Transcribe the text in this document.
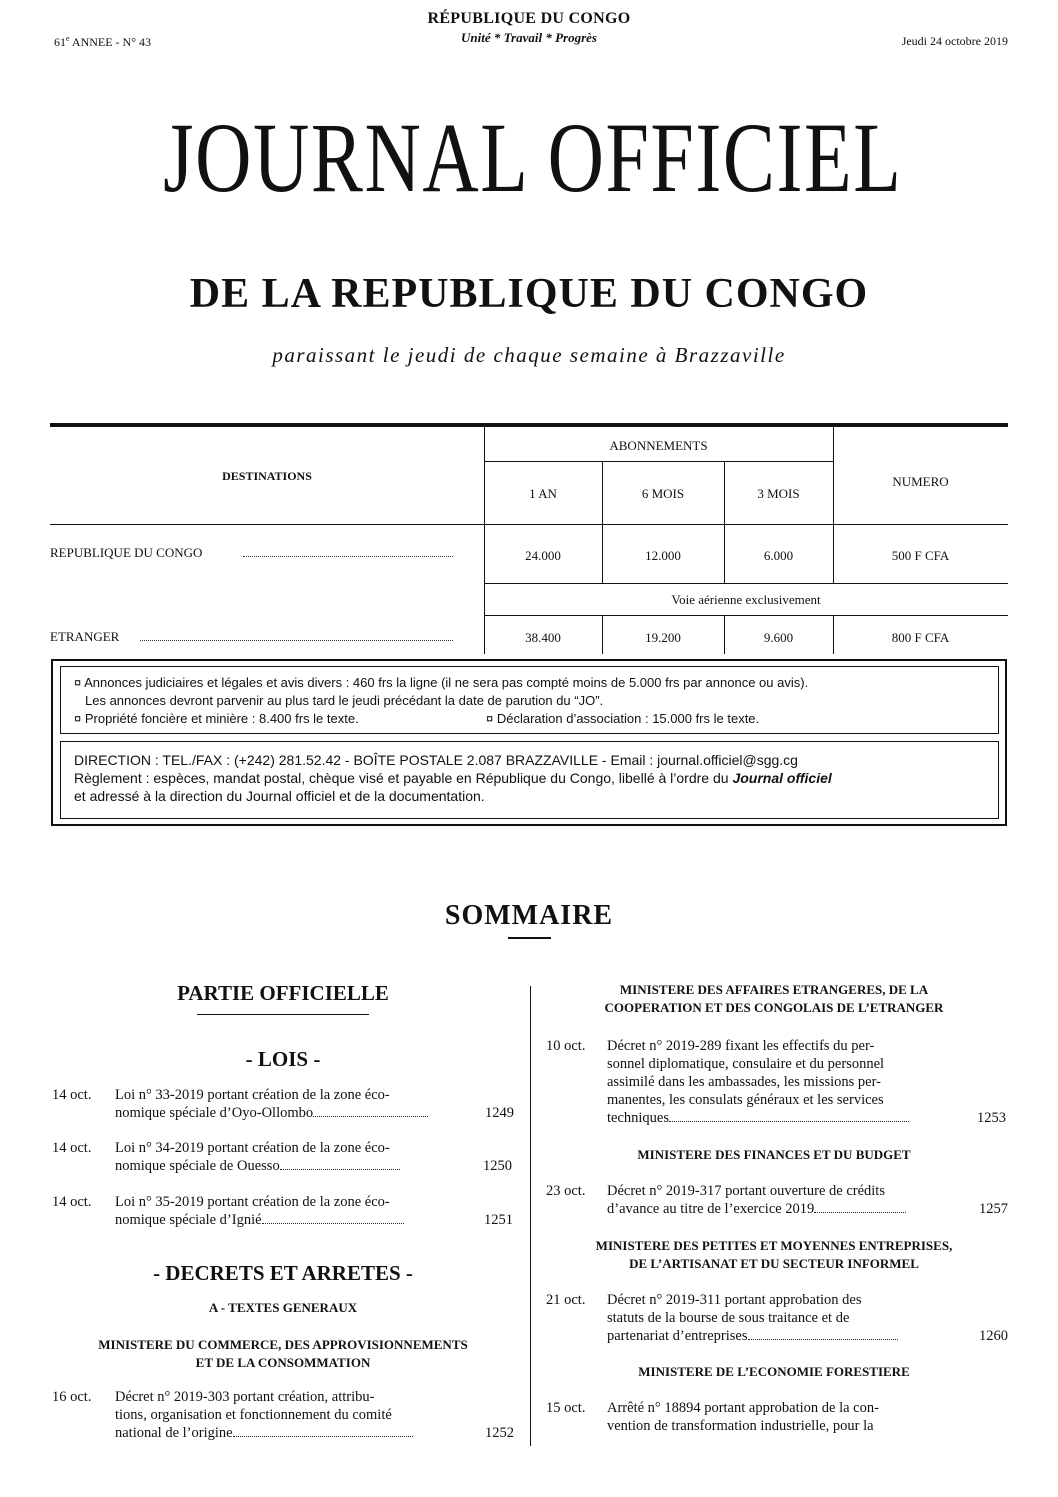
61e ANNEE - N° 43
RÉPUBLIQUE DU CONGO
Unité * Travail * Progrès	Jeudi 24 octobre 2019
JOURNAL OFFICIEL
DE LA REPUBLIQUE DU CONGO
paraissant le jeudi de chaque semaine à Brazzaville
DESTINATIONS
ABONNEMENTS
NUMERO
1 AN	6 MOIS	3 MOIS
REPUBLIQUE DU CONGO	24.000	12.000	6.000	500 F CFA
Voie aérienne exclusivement
ETRANGER	38.400	19.200	9.600	800 F CFA
¤ Annonces judiciaires et légales et avis divers : 460 frs la ligne (il ne sera pas compté moins de 5.000 frs par annonce ou avis).
Les annonces devront parvenir au plus tard le jeudi précédant la date de parution du “JO”.
¤ Propriété foncière et minière : 8.400 frs le texte.	¤ Déclaration d’association : 15.000 frs le texte.
DIRECTION : TEL./FAX : (+242) 281.52.42 - BOÎTE POSTALE 2.087 BRAZZAVILLE - Email : journal.officiel@sgg.cg
Règlement : espèces, mandat postal, chèque visé et payable en République du Congo, libellé à l’ordre du Journal officiel
et adressé à la direction du Journal officiel et de la documentation.
SOMMAIRE
PARTIE OFFICIELLE
- LOIS -
14 oct. Loi n° 33-2019 portant création de la zone éco-
nomique spéciale d’Oyo-Ollombo	1249
14 oct. Loi n° 34-2019 portant création de la zone éco-
nomique spéciale de Ouesso	1250
14 oct. Loi n° 35-2019 portant création de la zone éco-
nomique spéciale d’Ignié	1251
- DECRETS ET ARRETES -
A - TEXTES GENERAUX
MINISTERE DU COMMERCE, DES APPROVISIONNEMENTS
ET DE LA CONSOMMATION
16 oct. Décret n° 2019-303 portant création, attribu-
tions, organisation et fonctionnement du comité
national de l’origine	1252
MINISTERE DES AFFAIRES ETRANGERES, DE LA
COOPERATION ET DES CONGOLAIS DE L’ETRANGER
10 oct. Décret n° 2019-289 fixant les effectifs du per-
sonnel diplomatique, consulaire et du personnel
assimilé dans les ambassades, les missions per-
manentes, les consulats généraux et les services
techniques	1253
MINISTERE DES FINANCES ET DU BUDGET
23 oct. Décret n° 2019-317 portant ouverture de crédits
d’avance au titre de l’exercice 2019	1257
MINISTERE DES PETITES ET MOYENNES ENTREPRISES,
DE L’ARTISANAT ET DU SECTEUR INFORMEL
21 oct. Décret n° 2019-311 portant approbation des
statuts de la bourse de sous traitance et de
partenariat d’entreprises	1260
MINISTERE DE L’ECONOMIE FORESTIERE
15 oct. Arrêté n° 18894 portant approbation de la con-
vention de transformation industrielle, pour la
